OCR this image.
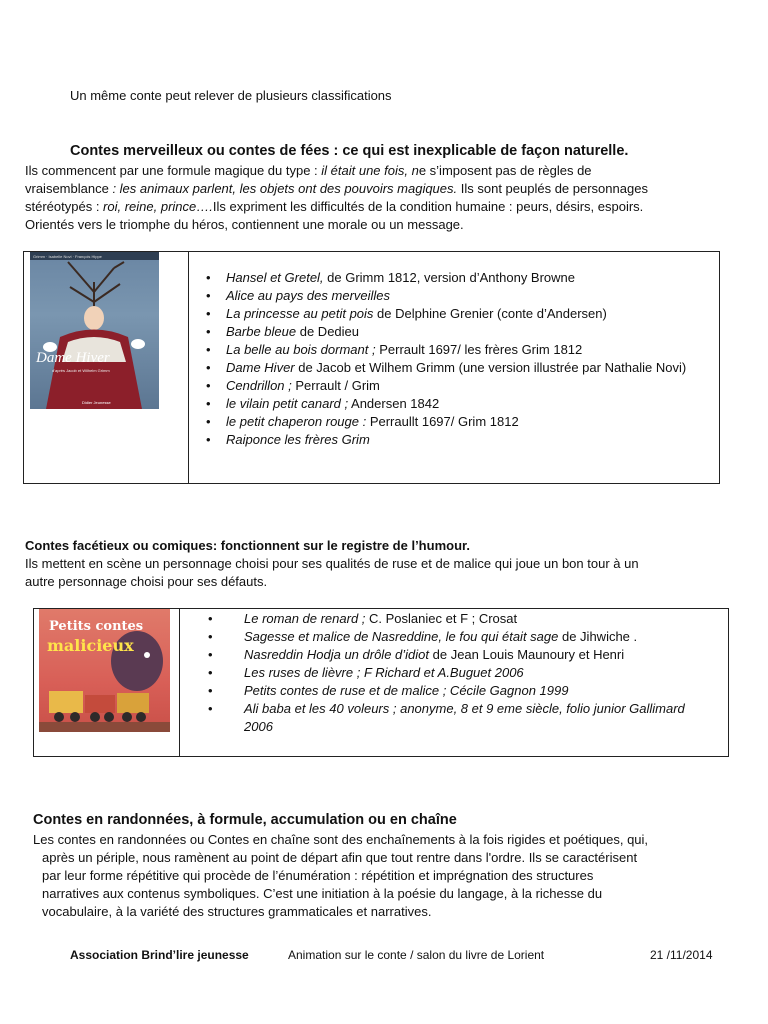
Un même conte peut relever de plusieurs classifications
Contes merveilleux ou contes de fées : ce qui est inexplicable de façon naturelle.
Ils commencent par une formule magique du type : il était une fois, ne s’imposent pas de règles de
vraisemblance : les animaux parlent, les objets ont des pouvoirs magiques. Ils sont peuplés de personnages
stéréotypés : roi, reine, prince….Ils expriment les difficultés de la condition humaine : peurs, désirs, espoirs.
Orientés vers le triomphe du héros, contiennent une morale ou un message.
• Hansel et Gretel, de Grimm 1812, version d’Anthony Browne
• Alice au pays des merveilles
• La princesse au petit pois de Delphine Grenier (conte d’Andersen)
• Barbe bleue de Dedieu
• La belle au bois dormant ; Perrault 1697/ les frères Grim 1812
• Dame Hiver de Jacob et Wilhem Grimm (une version illustrée par Nathalie Novi)
• Cendrillon ; Perrault / Grim
• le vilain petit canard ; Andersen 1842
• le petit chaperon rouge : Perraullt 1697/ Grim 1812
• Raiponce les frères Grim
Grimm · Isabelle Novi · François Hippe
Dame Hiver
d'après Jacob et Wilhelm Grimm
Didier Jeunesse
Contes facétieux ou comiques: fonctionnent sur le registre de l’humour.
Ils mettent en scène un personnage choisi pour ses qualités de ruse et de malice qui joue un bon tour à un
autre personnage choisi pour ses défauts.
• Le roman de renard ; C. Poslaniec et F ; Crosat
• Sagesse et malice de Nasreddine, le fou qui était sage de Jihwiche .
• Nasreddin Hodja un drôle d’idiot de Jean Louis Maunoury et Henri
• Les ruses de lièvre ; F Richard et A.Buguet 2006
• Petits contes de ruse et de malice ; Cécile Gagnon 1999
• Ali baba et les 40 voleurs ; anonyme, 8 et 9 eme siècle, folio junior Gallimard 2006
Petits contes
malicieux
Contes en randonnées, à formule, accumulation ou en chaîne
Les contes en randonnées ou Contes en chaîne sont des enchaînements à la fois rigides et poétiques, qui,
après un périple, nous ramènent au point de départ afin que tout rentre dans l'ordre. Ils se caractérisent
par leur forme répétitive qui procède de l’énumération : répétition et imprégnation des structures
narratives aux contenus symboliques. C’est une initiation à la poésie du langage, à la richesse du
vocabulaire, à la variété des structures grammaticales et narratives.
Association Brind’lire jeunesse	Animation sur le conte / salon du livre de Lorient	21 /11/2014
